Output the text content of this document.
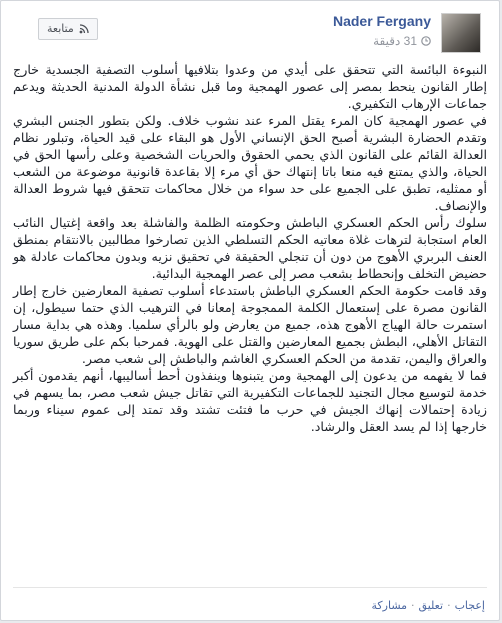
متابعة	Nader Fergany
31 دقيقة

النبوءة البائسة التي تتحقق على أيدي من وعدوا بتلافيها أسلوب التصفية الجسدية خارج إطار القانون ينحط بمصر إلى عصور الهمجية وما قبل نشأة الدولة المدنية الحديثة ويدعم جماعات الإرهاب التكفيري.

في عصور الهمجية كان المرء يقتل المرء عند نشوب خلاف. ولكن بتطور الجنس البشري وتقدم الحضارة البشرية أصبح الحق الإنساني الأول هو البقاء على قيد الحياة، وتبلور نظام العدالة القائم على القانون الذي يحمي الحقوق والحريات الشخصية وعلى رأسها الحق في الحياة، والذي يمتنع فيه منعا باتا إنتهاك حق أي مرء إلا بقاعدة قانونية موضوعة من الشعب أو ممثليه، تطبق على الجميع على حد سواء من خلال محاكمات تتحقق فيها شروط العدالة والإنصاف.

سلوك رأس الحكم العسكري الباطش وحكومته الظلمة والفاشلة بعد واقعة إغتيال النائب العام استجابة لترهات غلاة معاتيه الحكم التسلطي الذين تصارخوا مطالبين بالانتقام بمنطق العنف البربري الأهوج من دون أن تنجلي الحقيقة في تحقيق نزيه وبدون محاكمات عادلة هو حضيض التخلف وإنحطاط بشعب مصر إلى عصر الهمجية البدائية.

وقد قامت حكومة الحكم العسكري الباطش باستدعاء أسلوب تصفية المعارضين خارج إطار القانون مصرة على إستعمال الكلمة الممجوجة إمعانا في الترهيب الذي حتما سيطول، إن استمرت حالة الهياج الأهوج هذه، جميع من يعارض ولو بالرأي سلميا. وهذه هي بداية مسار التقاتل الأهلي، البطش بجميع المعارضين والقتل على الهوية. فمرحبا بكم على طريق سوريا والعراق واليمن، تقدمة من الحكم العسكري الغاشم والباطش إلى شعب مصر.

فما لا يفهمه من يدعون إلى الهمجية ومن يتبنوها وينفذون أحط أساليبها، أنهم يقدمون أكبر خدمة لتوسيع مجال التجنيد للجماعات التكفيرية التي تقاتل جيش شعب مصر، بما يسهم في زيادة إحتمالات إنهاك الجيش في حرب ما فتئت تشتد وقد تمتد إلى عموم سيناء وربما خارجها إذا لم يسد العقل والرشاد.

إعجاب
·
تعليق
·
مشاركة
